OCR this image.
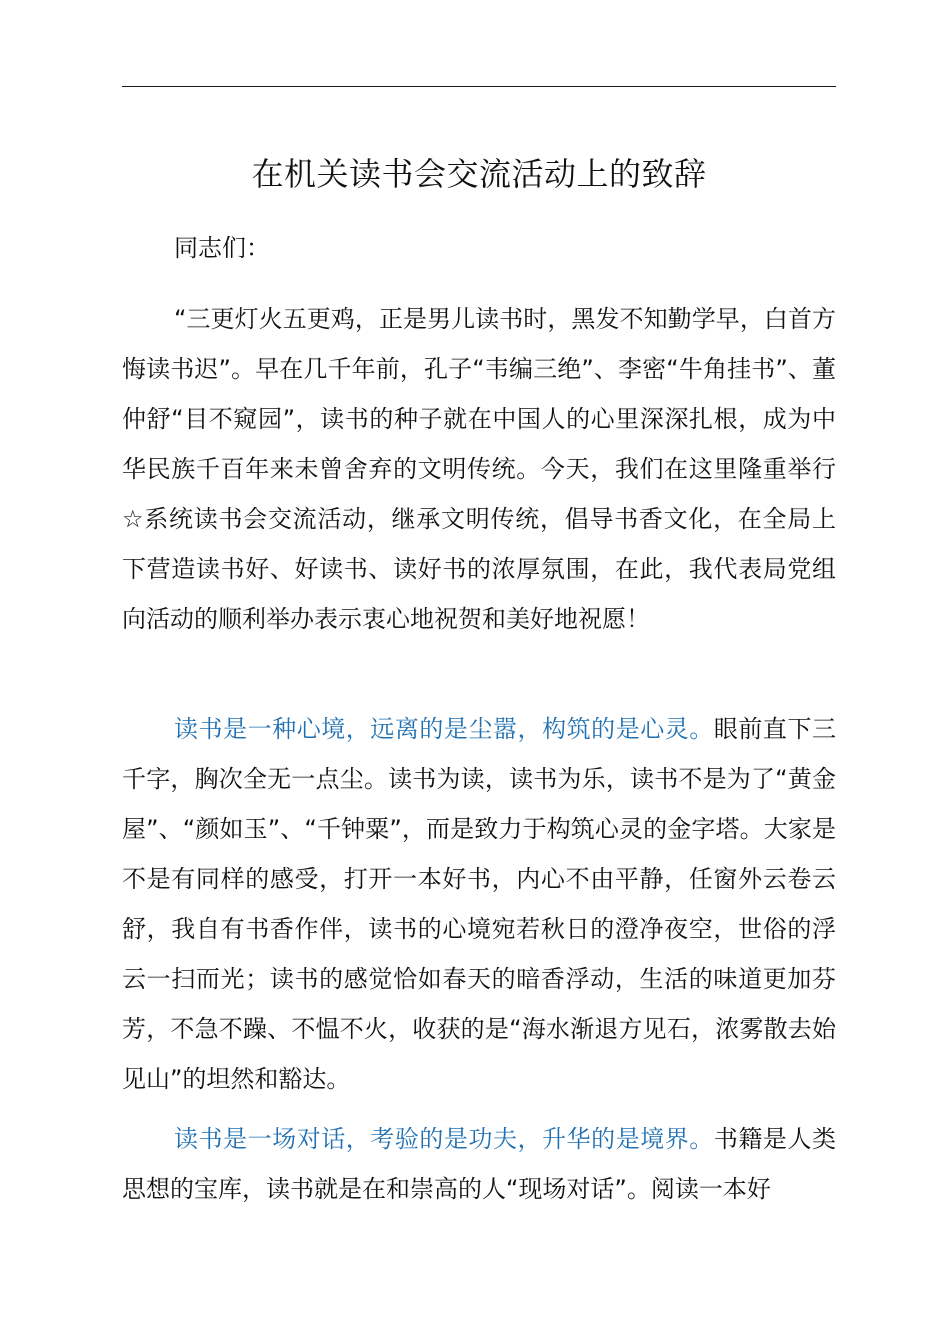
在机关读书会交流活动上的致辞

同志们：

“三更灯火五更鸡，正是男儿读书时，黑发不知勤学早，白首方悔读书迟”。早在几千年前，孔子“韦编三绝”、李密“牛角挂书”、董仲舒“目不窥园”，读书的种子就在中国人的心里深深扎根，成为中华民族千百年来未曾舍弃的文明传统。今天，我们在这里隆重举行☆系统读书会交流活动，继承文明传统，倡导书香文化，在全局上下营造读书好、好读书、读好书的浓厚氛围，在此，我代表局党组向活动的顺利举办表示衷心地祝贺和美好地祝愿！

读书是一种心境，远离的是尘嚣，构筑的是心灵。眼前直下三千字，胸次全无一点尘。读书为读，读书为乐，读书不是为了“黄金屋”、“颜如玉”、“千钟粟”，而是致力于构筑心灵的金字塔。大家是不是有同样的感受，打开一本好书，内心不由平静，任窗外云卷云舒，我自有书香作伴，读书的心境宛若秋日的澄净夜空，世俗的浮云一扫而光；读书的感觉恰如春天的暗香浮动，生活的味道更加芬芳，不急不躁、不愠不火，收获的是“海水渐退方见石，浓雾散去始见山”的坦然和豁达。

读书是一场对话，考验的是功夫，升华的是境界。书籍是人类思想的宝库，读书就是在和崇高的人“现场对话”。阅读一本好
